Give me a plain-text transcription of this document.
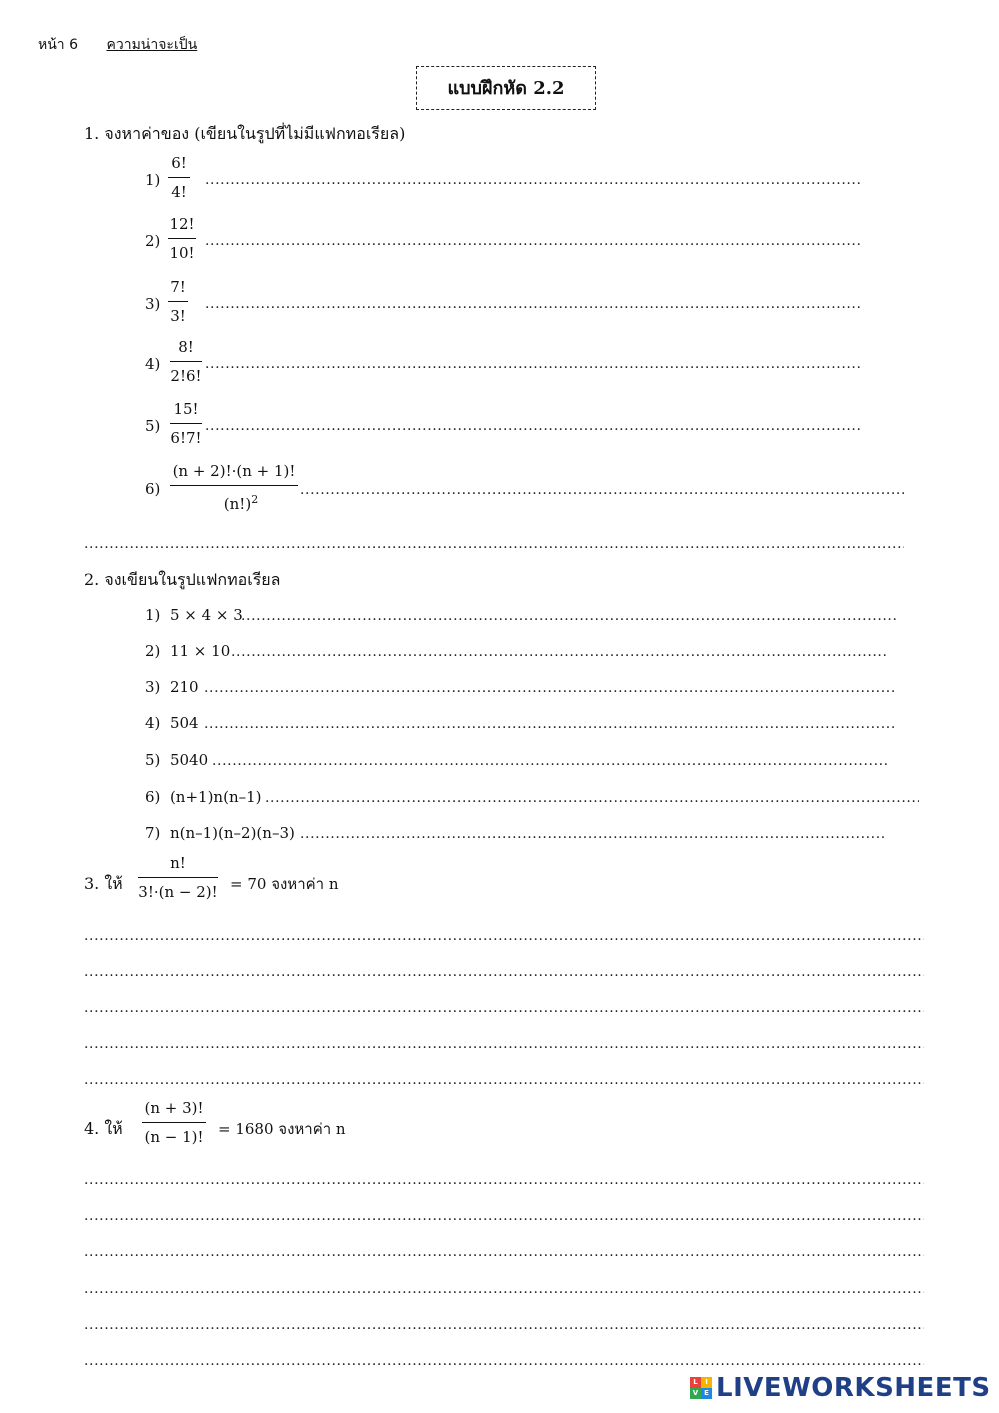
หน้า 6 ความน่าจะเป็น
แบบฝึกหัด 2.2
1. จงหาค่าของ (เขียนในรูปที่ไม่มีแฟกทอเรียล)
1)
6!
4!
.....
2)
12!
10!
.....
3)
7!
3!
.....
4)
8!
2!6!
.....
5)
15!
6!7!
.....
6)
(n + 2)!·(n + 1)!
$(n!)^2$
.....
.....
2. จงเขียนในรูปแฟกทอเรียล
1) 5 × 4 × 3
.....
2) 11 × 10
.....
3) 210
.....
4) 504
.....
5) 5040
.....
6) (n+1)n(n–1)
.....
7) n(n–1)(n–2)(n–3)
.....
3. ให้
n!
3!·(n − 2)! = 70 จงหาค่า n
.....
.....
.....
.....
.....
4. ให้
(n + 3)!
(n − 1)! = 1680 จงหาค่า n
.....
.....
.....
.....
.....
.....
L	I
V E LIVEWORKSHEETS
